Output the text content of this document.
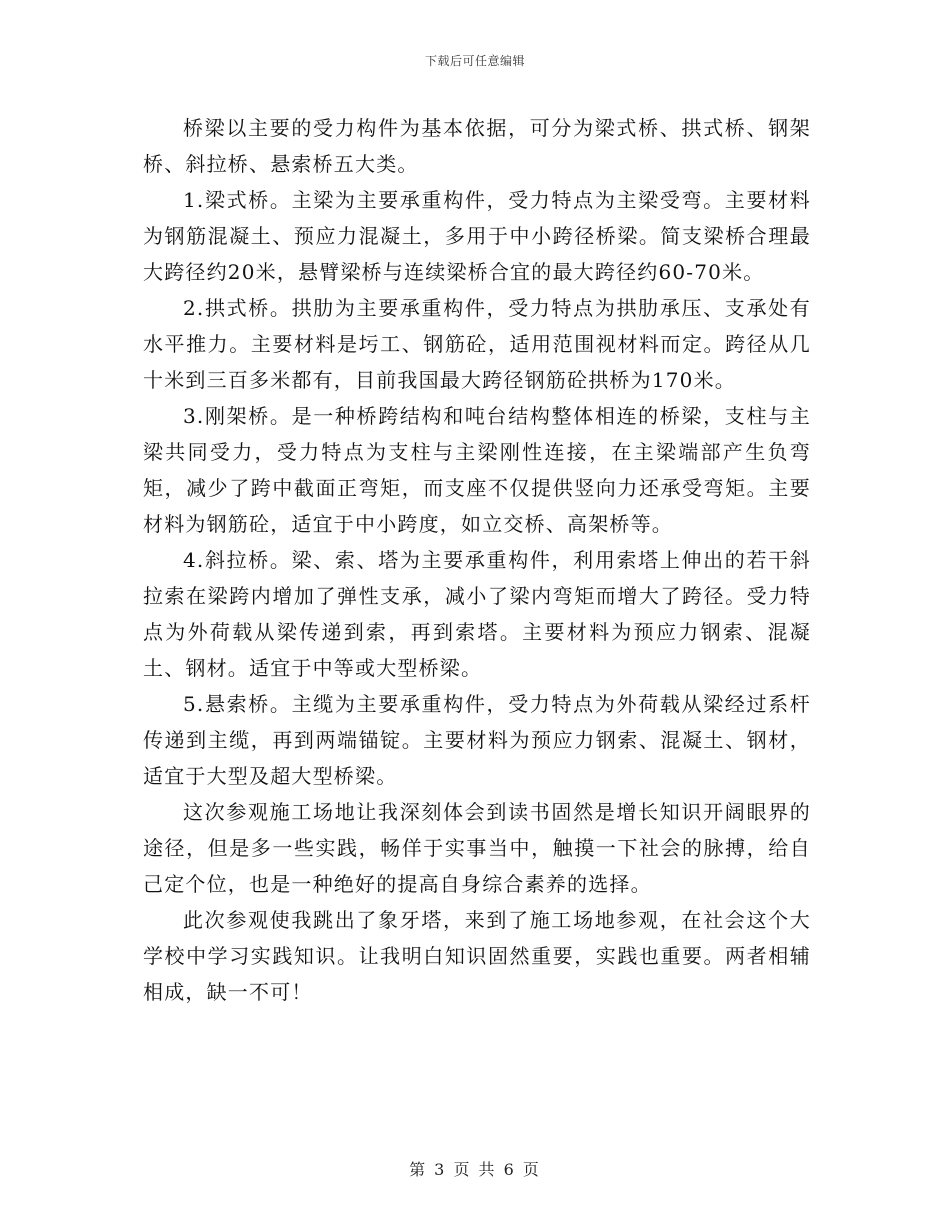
下载后可任意编辑

桥梁以主要的受力构件为基本依据，可分为梁式桥、拱式桥、钢架桥、斜拉桥、悬索桥五大类。

1.梁式桥。主梁为主要承重构件，受力特点为主梁受弯。主要材料为钢筋混凝土、预应力混凝土，多用于中小跨径桥梁。简支梁桥合理最大跨径约20米，悬臂梁桥与连续梁桥合宜的最大跨径约60-70米。

2.拱式桥。拱肋为主要承重构件，受力特点为拱肋承压、支承处有水平推力。主要材料是圬工、钢筋砼，适用范围视材料而定。跨径从几十米到三百多米都有，目前我国最大跨径钢筋砼拱桥为170米。

3.刚架桥。是一种桥跨结构和吨台结构整体相连的桥梁，支柱与主梁共同受力，受力特点为支柱与主梁刚性连接，在主梁端部产生负弯矩，减少了跨中截面正弯矩，而支座不仅提供竖向力还承受弯矩。主要材料为钢筋砼，适宜于中小跨度，如立交桥、高架桥等。

4.斜拉桥。梁、索、塔为主要承重构件，利用索塔上伸出的若干斜拉索在梁跨内增加了弹性支承，减小了梁内弯矩而增大了跨径。受力特点为外荷载从梁传递到索，再到索塔。主要材料为预应力钢索、混凝土、钢材。适宜于中等或大型桥梁。

5.悬索桥。主缆为主要承重构件，受力特点为外荷载从梁经过系杆传递到主缆，再到两端锚锭。主要材料为预应力钢索、混凝土、钢材，适宜于大型及超大型桥梁。

这次参观施工场地让我深刻体会到读书固然是增长知识开阔眼界的途径，但是多一些实践，畅佯于实事当中，触摸一下社会的脉搏，给自己定个位，也是一种绝好的提高自身综合素养的选择。

此次参观使我跳出了象牙塔，来到了施工场地参观，在社会这个大学校中学习实践知识。让我明白知识固然重要，实践也重要。两者相辅相成，缺一不可！

第 3 页 共 6 页
